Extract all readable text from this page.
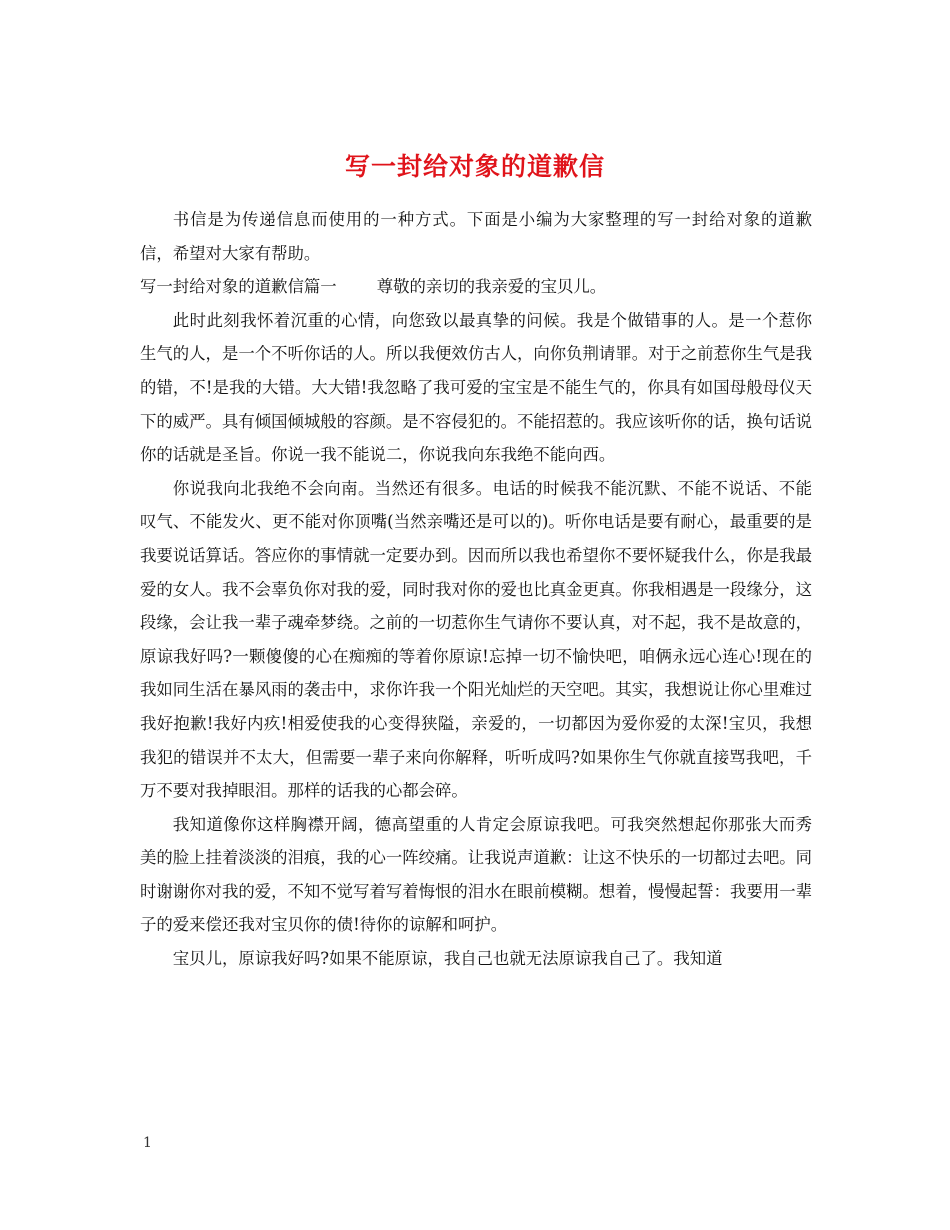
写一封给对象的道歉信

书信是为传递信息而使用的一种方式。下面是小编为大家整理的写一封给对象的道歉信，希望对大家有帮助。

写一封给对象的道歉信篇一 尊敬的亲切的我亲爱的宝贝儿。

此时此刻我怀着沉重的心情，向您致以最真挚的问候。我是个做错事的人。是一个惹你生气的人，是一个不听你话的人。所以我便效仿古人，向你负荆请罪。对于之前惹你生气是我的错，不!是我的大错。大大错!我忽略了我可爱的宝宝是不能生气的，你具有如国母般母仪天下的威严。具有倾国倾城般的容颜。是不容侵犯的。不能招惹的。我应该听你的话，换句话说你的话就是圣旨。你说一我不能说二，你说我向东我绝不能向西。

你说我向北我绝不会向南。当然还有很多。电话的时候我不能沉默、不能不说话、不能叹气、不能发火、更不能对你顶嘴(当然亲嘴还是可以的)。听你电话是要有耐心，最重要的是我要说话算话。答应你的事情就一定要办到。因而所以我也希望你不要怀疑我什么，你是我最爱的女人。我不会辜负你对我的爱，同时我对你的爱也比真金更真。你我相遇是一段缘分，这段缘，会让我一辈子魂牵梦绕。之前的一切惹你生气请你不要认真，对不起，我不是故意的，原谅我好吗?一颗傻傻的心在痴痴的等着你原谅!忘掉一切不愉快吧，咱俩永远心连心!现在的我如同生活在暴风雨的袭击中，求你许我一个阳光灿烂的天空吧。其实，我想说让你心里难过我好抱歉!我好内疚!相爱使我的心变得狭隘，亲爱的，一切都因为爱你爱的太深!宝贝，我想我犯的错误并不太大，但需要一辈子来向你解释，听听成吗?如果你生气你就直接骂我吧，千万不要对我掉眼泪。那样的话我的心都会碎。

我知道像你这样胸襟开阔，德高望重的人肯定会原谅我吧。可我突然想起你那张大而秀美的脸上挂着淡淡的泪痕，我的心一阵绞痛。让我说声道歉：让这不快乐的一切都过去吧。同时谢谢你对我的爱，不知不觉写着写着悔恨的泪水在眼前模糊。想着，慢慢起誓：我要用一辈子的爱来偿还我对宝贝你的债!待你的谅解和呵护。

宝贝儿，原谅我好吗?如果不能原谅，我自己也就无法原谅我自己了。我知道

1
